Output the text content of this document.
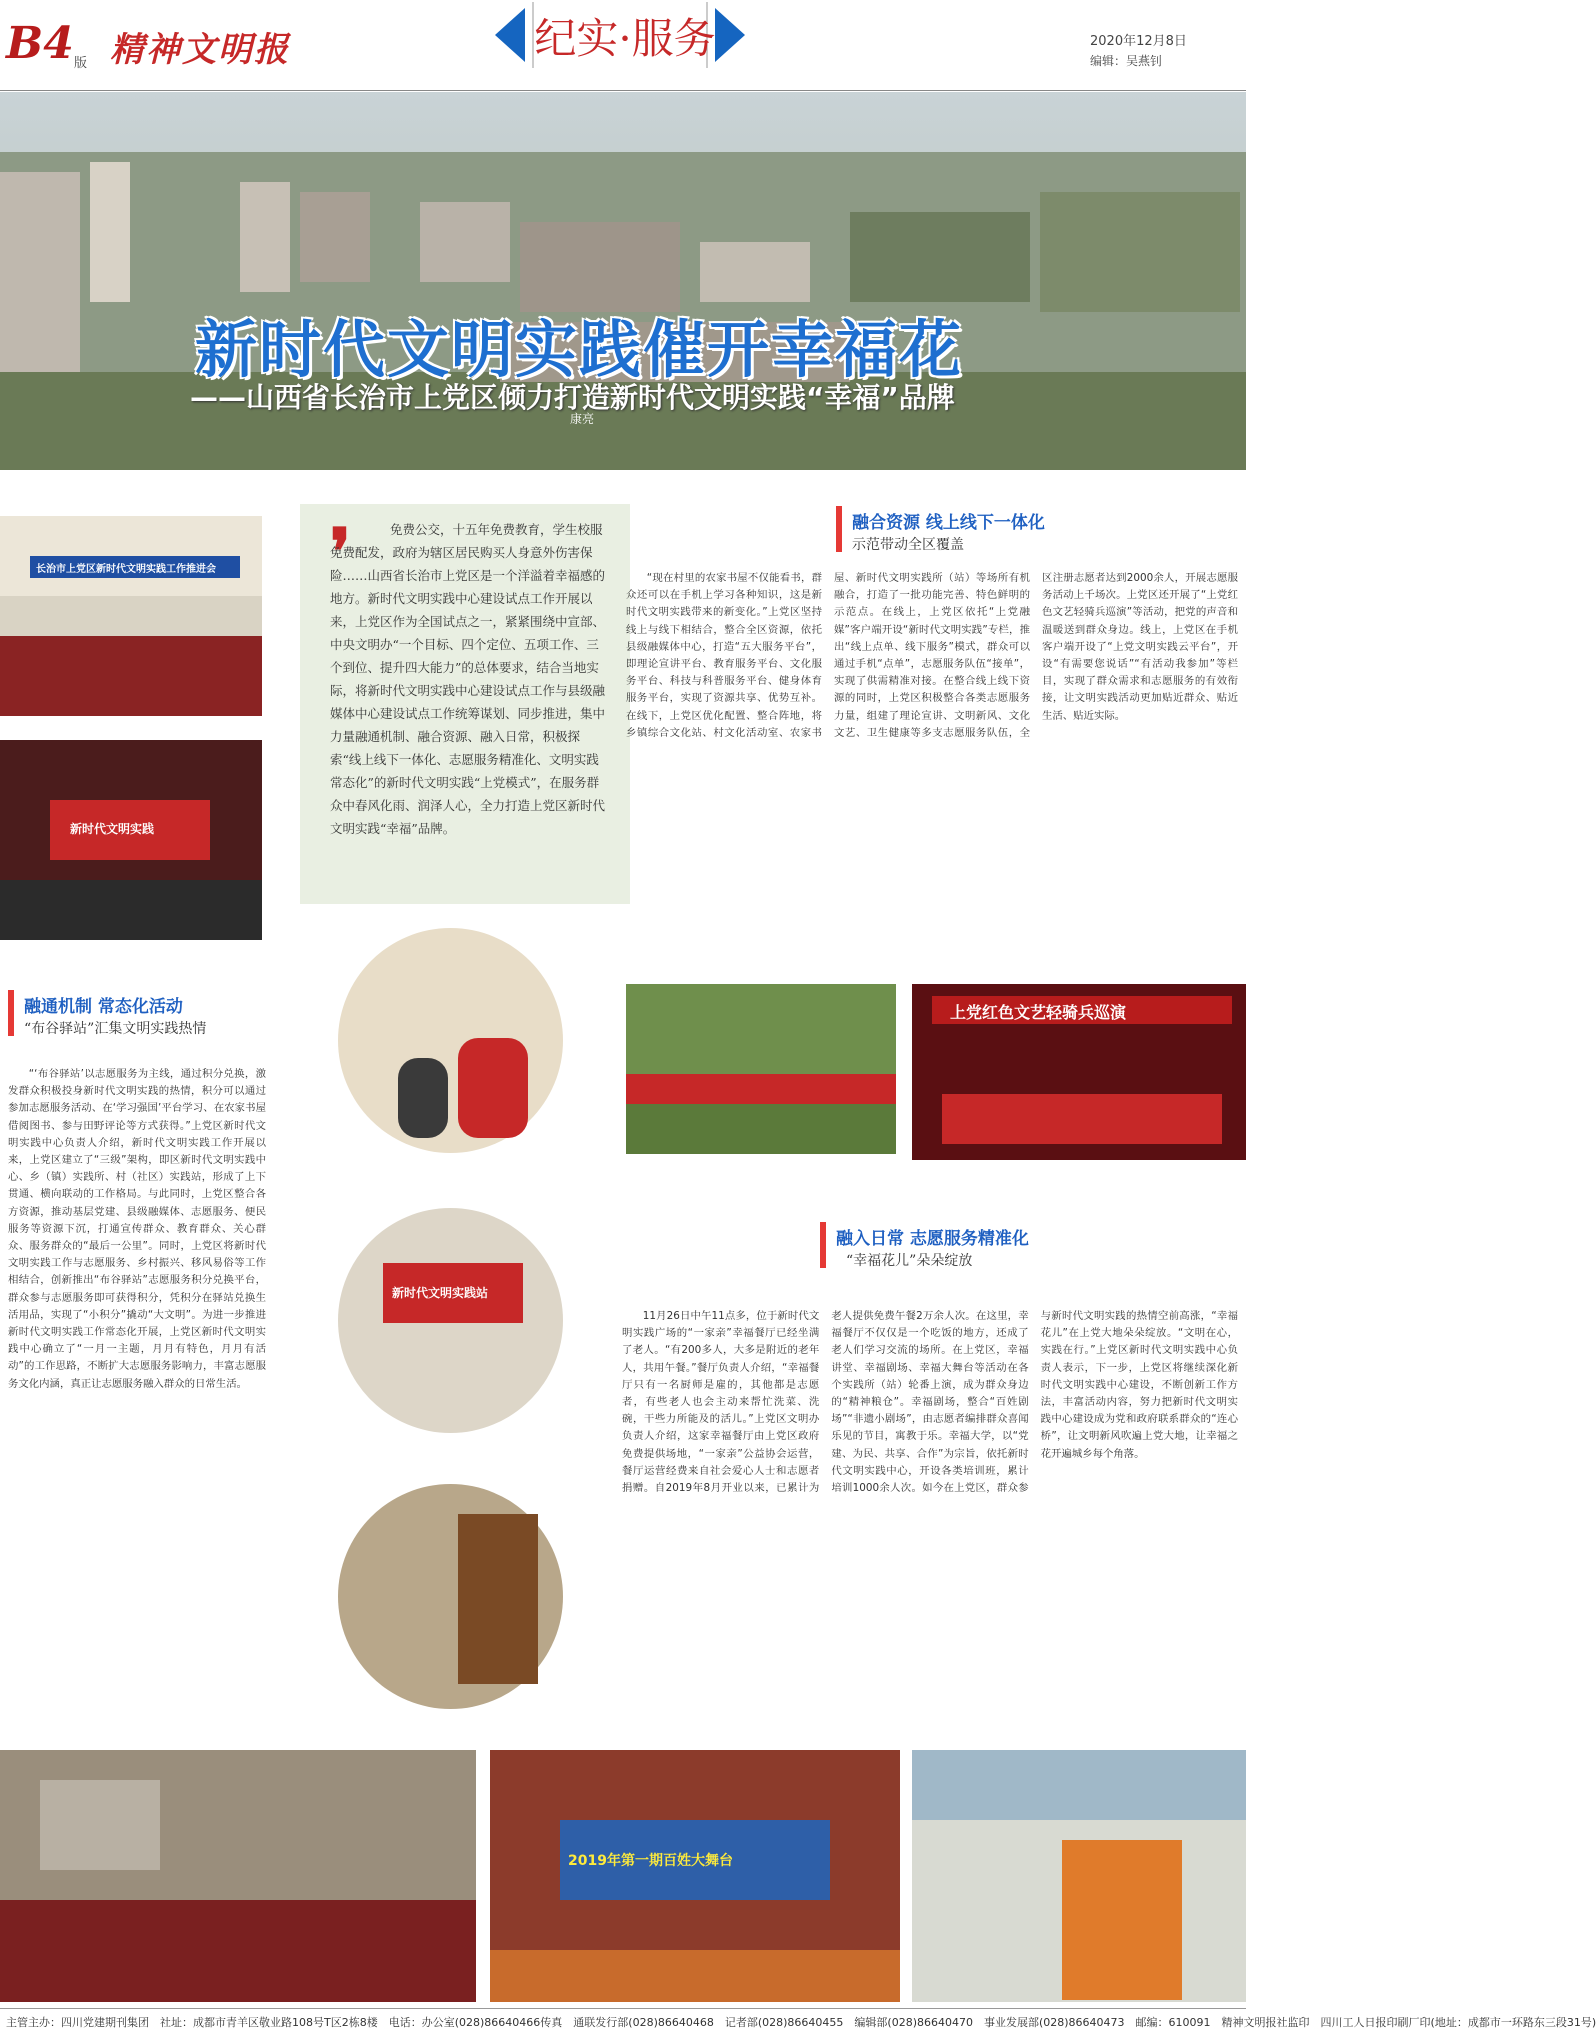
B4 版 精神文明报	纪实·服务	2020年12月8日
编辑：吴燕钊
新时代文明实践催开幸福花
——山西省长治市上党区倾力打造新时代文明实践“幸福”品牌
康亮
长治市上党区新时代文明实践工作推进会
新时代文明实践
❜	免费公交，十五年免费教育，学生校服免费配发，政府为辖区居民购买人身意外伤害保险……山西省长治市上党区是一个洋溢着幸福感的地方。新时代文明实践中心建设试点工作开展以来，上党区作为全国试点之一，紧紧围绕中宣部、中央文明办“一个目标、四个定位、五项工作、三个到位、提升四大能力”的总体要求，结合当地实际，将新时代文明实践中心建设试点工作与县级融媒体中心建设试点工作统筹谋划、同步推进，集中力量融通机制、融合资源、融入日常，积极探索“线上线下一体化、志愿服务精准化、文明实践常态化”的新时代文明实践“上党模式”，在服务群众中春风化雨、润泽人心，全力打造上党区新时代文明实践“幸福”品牌。
融通机制 常态化活动
“布谷驿站”汇集文明实践热情

“‘布谷驿站’以志愿服务为主线，通过积分兑换，激发群众积极投身新时代文明实践的热情，积分可以通过参加志愿服务活动、在‘学习强国’平台学习、在农家书屋借阅图书、参与田野评论等方式获得。”上党区新时代文明实践中心负责人介绍，新时代文明实践工作开展以来，上党区建立了“三级”架构，即区新时代文明实践中心、乡（镇）实践所、村（社区）实践站，形成了上下贯通、横向联动的工作格局。与此同时，上党区整合各方资源，推动基层党建、县级融媒体、志愿服务、便民服务等资源下沉，打通宣传群众、教育群众、关心群众、服务群众的“最后一公里”。同时，上党区将新时代文明实践工作与志愿服务、乡村振兴、移风易俗等工作相结合，创新推出“布谷驿站”志愿服务积分兑换平台，群众参与志愿服务即可获得积分，凭积分在驿站兑换生活用品，实现了“小积分”撬动“大文明”。为进一步推进新时代文明实践工作常态化开展，上党区新时代文明实践中心确立了“一月一主题，月月有特色，月月有活动”的工作思路，不断扩大志愿服务影响力，丰富志愿服务文化内涵，真正让志愿服务融入群众的日常生活。

新时代文明实践站
融合资源 线上线下一体化
示范带动全区覆盖

“现在村里的农家书屋不仅能看书，群众还可以在手机上学习各种知识，这是新时代文明实践带来的新变化。”上党区坚持线上与线下相结合，整合全区资源，依托县级融媒体中心，打造“五大服务平台”，即理论宣讲平台、教育服务平台、文化服务平台、科技与科普服务平台、健身体育服务平台，实现了资源共享、优势互补。在线下，上党区优化配置、整合阵地，将乡镇综合文化站、村文化活动室、农家书屋、新时代文明实践所（站）等场所有机融合，打造了一批功能完善、特色鲜明的示范点。在线上，上党区依托“上党融媒”客户端开设“新时代文明实践”专栏，推出“线上点单、线下服务”模式，群众可以通过手机“点单”，志愿服务队伍“接单”，实现了供需精准对接。在整合线上线下资源的同时，上党区积极整合各类志愿服务力量，组建了理论宣讲、文明新风、文化文艺、卫生健康等多支志愿服务队伍，全区注册志愿者达到2000余人，开展志愿服务活动上千场次。上党区还开展了“上党红色文艺轻骑兵巡演”等活动，把党的声音和温暖送到群众身边。线上，上党区在手机客户端开设了“上党文明实践云平台”，开设“有需要您说话”“有活动我参加”等栏目，实现了群众需求和志愿服务的有效衔接，让文明实践活动更加贴近群众、贴近生活、贴近实际。

上党红色文艺轻骑兵巡演
融入日常 志愿服务精准化
“幸福花儿”朵朵绽放

11月26日中午11点多，位于新时代文明实践广场的“一家亲”幸福餐厅已经坐满了老人。“有200多人，大多是附近的老年人，共用午餐。”餐厅负责人介绍，“幸福餐厅只有一名厨师是雇的，其他都是志愿者，有些老人也会主动来帮忙洗菜、洗碗，干些力所能及的活儿。”上党区文明办负责人介绍，这家幸福餐厅由上党区政府免费提供场地，“一家亲”公益协会运营，餐厅运营经费来自社会爱心人士和志愿者捐赠。自2019年8月开业以来，已累计为老人提供免费午餐2万余人次。在这里，幸福餐厅不仅仅是一个吃饭的地方，还成了老人们学习交流的场所。在上党区，幸福讲堂、幸福剧场、幸福大舞台等活动在各个实践所（站）轮番上演，成为群众身边的“精神粮仓”。幸福剧场，整合“百姓剧场”“非遗小剧场”，由志愿者编排群众喜闻乐见的节目，寓教于乐。幸福大学，以“党建、为民、共享、合作”为宗旨，依托新时代文明实践中心，开设各类培训班，累计培训1000余人次。如今在上党区，群众参与新时代文明实践的热情空前高涨，“幸福花儿”在上党大地朵朵绽放。“文明在心，实践在行。”上党区新时代文明实践中心负责人表示，下一步，上党区将继续深化新时代文明实践中心建设，不断创新工作方法，丰富活动内容，努力把新时代文明实践中心建设成为党和政府联系群众的“连心桥”，让文明新风吹遍上党大地，让幸福之花开遍城乡每个角落。

2019年第一期百姓大舞台
主管主办：四川党建期刊集团　社址：成都市青羊区敬业路108号T区2栋8楼　电话：办公室(028)86640466传真　通联发行部(028)86640468　记者部(028)86640455　编辑部(028)86640470　事业发展部(028)86640473　邮编：610091　精神文明报社监印　四川工人日报印刷厂印(地址：成都市一环路东三段31号)
